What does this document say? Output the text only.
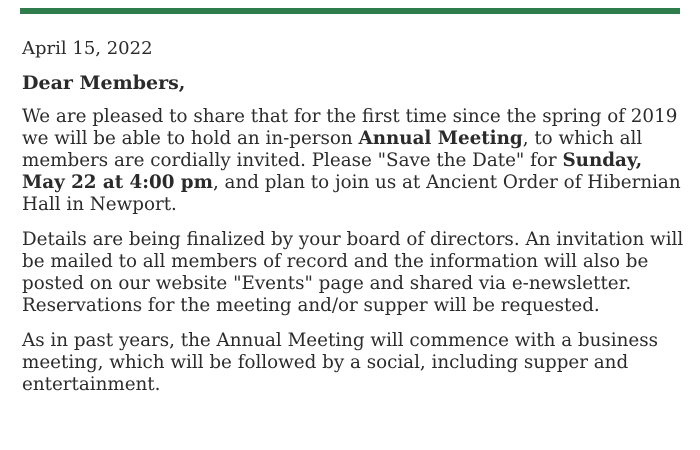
April 15, 2022
Dear Members,
We are pleased to share that for the first time since the spring of 2019 we will be able to hold an in-person Annual Meeting, to which all members are cordially invited. Please "Save the Date" for Sunday, May 22 at 4:00 pm, and plan to join us at Ancient Order of Hibernian Hall in Newport.
Details are being finalized by your board of directors. An invitation will be mailed to all members of record and the information will also be posted on our website "Events" page and shared via e-newsletter. Reservations for the meeting and/or supper will be requested.
As in past years, the Annual Meeting will commence with a business meeting, which will be followed by a social, including supper and entertainment.
